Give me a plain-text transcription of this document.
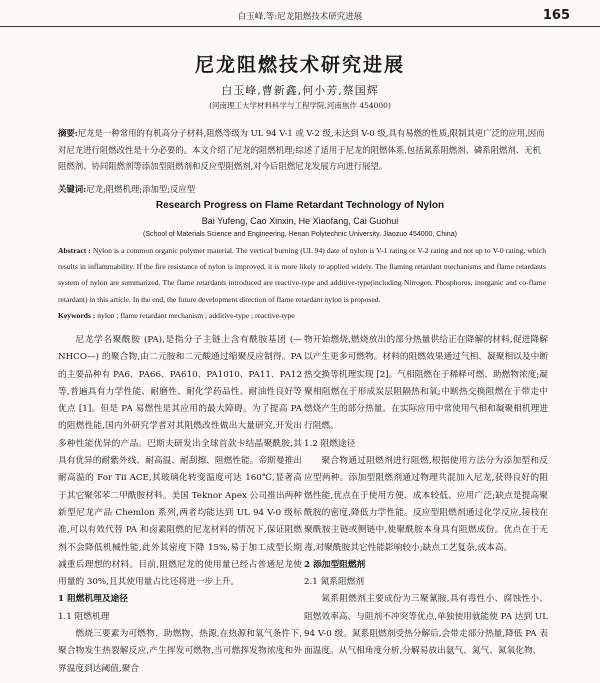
白玉峰,等:尼龙阻燃技术研究进展	165
尼龙阻燃技术研究进展
白玉峰,曹新鑫,何小芳,蔡国辉
(河南理工大学材料科学与工程学院,河南焦作 454000)
摘要:尼龙是一种常用的有机高分子材料,阻燃等级为 UL 94 V-1 或 V-2 级,未达到 V-0 级,具有易燃的性质,限制其更广泛的应用,因而对尼龙进行阻燃改性是十分必要的。本文介绍了尼龙的阻燃机理;综述了适用于尼龙的阻燃体系,包括氮系阻燃剂、磷系阻燃剂、无机阻燃剂、协同阻燃剂等添加型阻燃剂和反应型阻燃剂,对今后阻燃尼龙发展方向进行展望。
关键词:尼龙;阻燃机理;添加型;反应型
Research Progress on Flame Retardant Technology of Nylon
Bai Yufeng, Cao Xinxin, He Xiaofang, Cai Guohui
(School of Materials Science and Engineering, Henan Polytechnic University, Jiaozuo 454000, China)
Abstract : Nylon is a common organic polymer material. The vertical burning (UL 94) date of nylon is V-1 rating or V-2 rating and not up to V-0 rating, which results in inflammability. If the fire resistance of nylon is improved, it is more likely to applied widely. The flaming retardant mechanisms and flame retardants system of nylon are summarized. The flame retardants introduced are reactive-type and additive-type(including Nitrogen, Phosphorus, inorganic and co-flame retardant) in this article. In the end, the future development direction of flame retardant nylon is proposed.
Keywords : nylon ; flame retardant mechanism ; additive-type ; reactive-type

尼龙学名聚酰胺 (PA),是指分子主链上含有酰胺基团 (—NHCO—) 的聚合物,由二元胺和二元酸通过缩聚反应制得。PA 的主要品种有 PA6、PA66、PA610、PA1010、PA11、PA12 等,普遍具有力学性能、耐磨性、耐化学药品性、耐油性良好等优点 [1]。但是 PA 易燃性是其应用的最大障碍。为了提高 PA 的阻燃性能,国内外研究学者对其阻燃改性做出大量研究,开发出多种性能优异的产品。巴斯夫研发出全球首款卡结晶聚酰胺,其具有优异的耐紫外线、耐高温、耐刮擦、阻燃性能。帝斯曼推出耐高温的 For Tii ACE,其玻璃化转变温度可达 160℃,显著高于其它聚邻苯二甲酰胺材料。美国 Teknor Apex 公司推出两种新型尼龙产品 Chemlon 系列,两者均能达到 UL 94 V-0 级标准,可以有效代替 PA 和卤素阻燃的尼龙材料的情况下,保证阻燃剂不会降低机械性能,此外其密度下降 15%,易于加工成型长期减重后理想的材料。目前,阻燃尼龙的使用量已经占普通尼龙使用量的 30%,且其使用量占比还将进一步上升。

1 阻燃机理及途径
1.1 阻燃机理

燃烧三要素为可燃物、助燃物、热源,在热源和氧气条件下,聚合物发生热裂解反应,产生挥发可燃物,当可燃挥发物浓度和外界温度到达阈值,聚合

物开始燃烧,燃烧放出的部分热量供给正在降解的材料,促进降解以产生更多可燃物。材料的阻燃效果通过气相、凝聚相以及中断热交换等机理实现 [2]。气相阻燃在于稀释可燃、助燃物浓度;凝聚相阻燃在于形成炭层阻隔热和氧;中断热交换阻燃在于带走中燃烧产生的部分热量。在实际应用中常使用气相和凝聚相机理进行阻燃。

1.2 阻燃途径

聚合物通过阻燃剂进行阻燃,根据使用方法分为添加型和反应型两种。添加型阻燃剂通过物理共混加入尼龙,获得良好的阻燃性能,优点在于使用方便、成本较低、应用广泛;缺点是提高聚酰胺的密度,降低力学性能。反应型阻燃剂通过化学反应,接枝在聚酰胺主链或侧链中,使聚酰胺本身具有阻燃成份。优点在于无毒,对聚酰胺其它性能影响较小;缺点工艺复杂,成本高。

2 添加型阻燃剂
2.1 氮系阻燃剂

氮系阻燃剂主要成份为三聚氰胺,具有毒性小、腐蚀性小、阻燃效率高、与阻剂不冲突等优点,单独使用就能使 PA 达到 UL 94 V-0 级。氮系阻燃剂受热分解后,会带走部分热量,降低 PA 表面温度。从气相角度分析,分解易放出氨气、氮气、氮氧化物、
